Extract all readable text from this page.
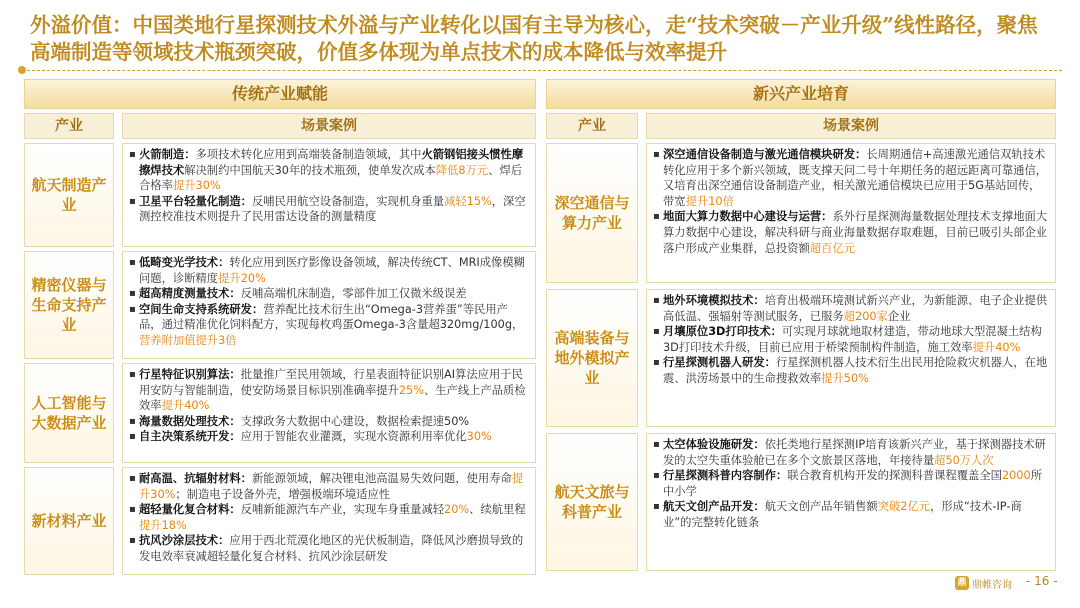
外溢价值：中国类地行星探测技术外溢与产业转化以国有主导为核心，走“技术突破－产业升级”线性路径，聚焦高端制造等领域技术瓶颈突破，价值多体现为单点技术的成本降低与效率提升
传统产业赋能
产业	场景案例
航天制造产业
▪ 火箭制造：多项技术转化应用到高端装备制造领域，其中火箭钢铝接头惯性摩擦焊技术解决制约中国航天30年的技术瓶颈，使单发次成本降低8万元、焊后合格率提升30%
▪ 卫星平台轻量化制造：反哺民用航空设备制造，实现机身重量减轻15%，深空测控校准技术则提升了民用雷达设备的测量精度
精密仪器与生命支持产业
▪ 低畸变光学技术：转化应用到医疗影像设备领域，解决传统CT、MRI成像模糊问题，诊断精度提升20%
▪ 超高精度测量技术：反哺高端机床制造，零部件加工仅微米级误差
▪ 空间生命支持系统研发：营养配比技术衍生出“Omega-3营养蛋”等民用产品，通过精准优化饲料配方，实现每枚鸡蛋Omega-3含量超320mg/100g，营养附加值提升3倍
人工智能与大数据产业
▪ 行星特征识别算法：批量推广至民用领域，行星表面特征识别AI算法应用于民用安防与智能制造，使安防场景目标识别准确率提升25%、生产线上产品质检效率提升40%
▪ 海量数据处理技术：支撑政务大数据中心建设，数据检索提速50%
▪ 自主决策系统开发：应用于智能农业灌溉，实现水资源利用率优化30%
新材料产业
▪ 耐高温、抗辐射材料：新能源领域，解决锂电池高温易失效问题，使用寿命提升30%；制造电子设备外壳，增强极端环境适应性
▪ 超轻量化复合材料：反哺新能源汽车产业，实现车身重量减轻20%、续航里程提升18%
▪ 抗风沙涂层技术：应用于西北荒漠化地区的光伏板制造，降低风沙磨损导致的发电效率衰减超轻量化复合材料、抗风沙涂层研发
新兴产业培育
产业	场景案例
深空通信与算力产业
▪ 深空通信设备制造与激光通信模块研发：长周期通信+高速激光通信双轨技术转化应用于多个新兴领域，既支撑天问二号十年期任务的超远距离可靠通信，又培育出深空通信设备制造产业，相关激光通信模块已应用于5G基站回传，带宽提升10倍
▪ 地面大算力数据中心建设与运营：系外行星探测海量数据处理技术支撑地面大算力数据中心建设，解决科研与商业海量数据存取难题，目前已吸引头部企业落户形成产业集群，总投资额超百亿元
高端装备与地外模拟产业
▪ 地外环境模拟技术：培育出极端环境测试新兴产业，为新能源、电子企业提供高低温、强辐射等测试服务，已服务超200家企业
▪ 月壤原位3D打印技术：可实现月球就地取材建造，带动地球大型混凝土结构3D打印技术升级，目前已应用于桥梁预制构件制造，施工效率提升40%
▪ 行星探测机器人研发：行星探测机器人技术衍生出民用抢险救灾机器人，在地震、洪涝场景中的生命搜救效率提升50%
航天文旅与科普产业
▪ 太空体验设施研发：依托类地行星探测IP培育该新兴产业，基于探测器技术研发的太空失重体验舱已在多个文旅景区落地，年接待量超50万人次
▪ 行星探测科普内容制作：联合教育机构开发的探测科普课程覆盖全国2000所中小学
▪ 航天文创产品开发：航天文创产品年销售额突破2亿元，形成“技术-IP-商业”的完整转化链条
鼎 鼎帷咨询 - 16 -
